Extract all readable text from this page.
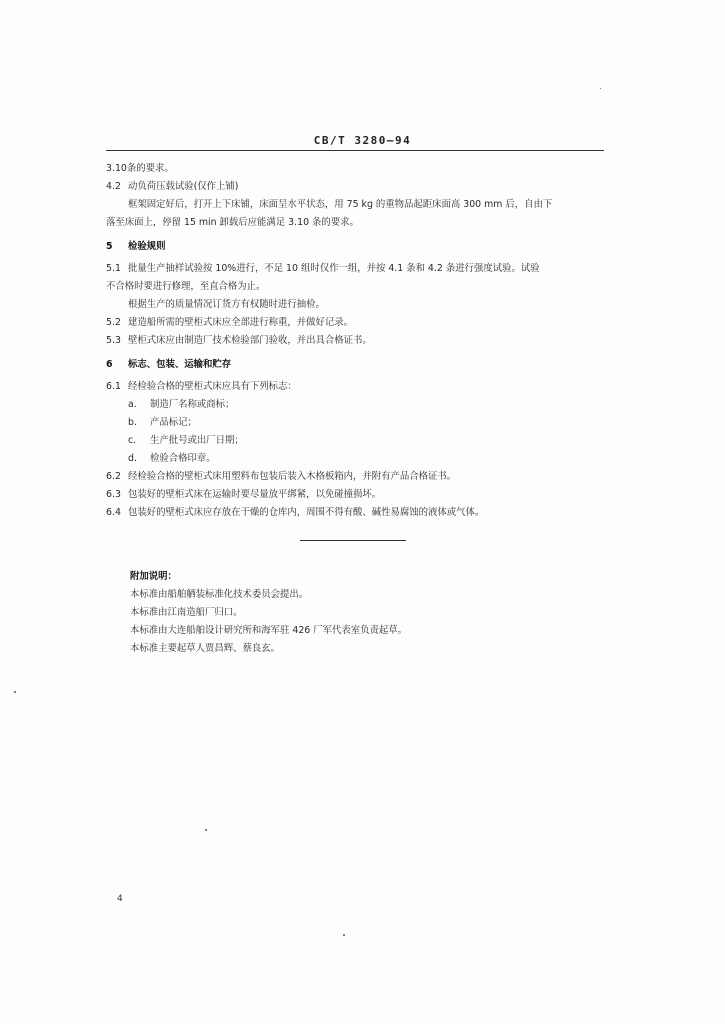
CB/T 3280—94
3.10条的要求。
4.2 动负荷压载试验(仅作上铺)
框架固定好后，打开上下床铺，床面呈水平状态，用 75 kg 的重物品起距床面高 300 mm 后，自由下
落至床面上，停留 15 min 卸载后应能满足 3.10 条的要求。
5 检验规则
5.1 批量生产抽样试验按 10%进行，不足 10 组时仅作一组，并按 4.1 条和 4.2 条进行强度试验。试验
不合格时要进行修理，至直合格为止。
根据生产的质量情况订货方有权随时进行抽检。
5.2 建造船所需的壁柜式床应全部进行称重，并做好记录。
5.3 壁柜式床应由制造厂技术检验部门验收，并出具合格证书。
6 标志、包装、运输和贮存
6.1 经检验合格的壁柜式床应具有下列标志：
a. 制造厂名称或商标；
b. 产品标记；
c. 生产批号或出厂日期；
d. 检验合格印章。
6.2 经检验合格的壁柜式床用塑料布包装后装入木格板箱内，并附有产品合格证书。
6.3 包装好的壁柜式床在运输时要尽量放平绑紧，以免碰撞损坏。
6.4 包装好的壁柜式床应存放在干燥的仓库内，周围不得有酸、碱性易腐蚀的液体或气体。
附加说明：
本标准由船舶舾装标准化技术委员会提出。
本标准由江南造船厂归口。
本标准由大连船舶设计研究所和海军驻 426 厂军代表室负责起草。
本标准主要起草人贾昌辉、蔡良玄。
4
